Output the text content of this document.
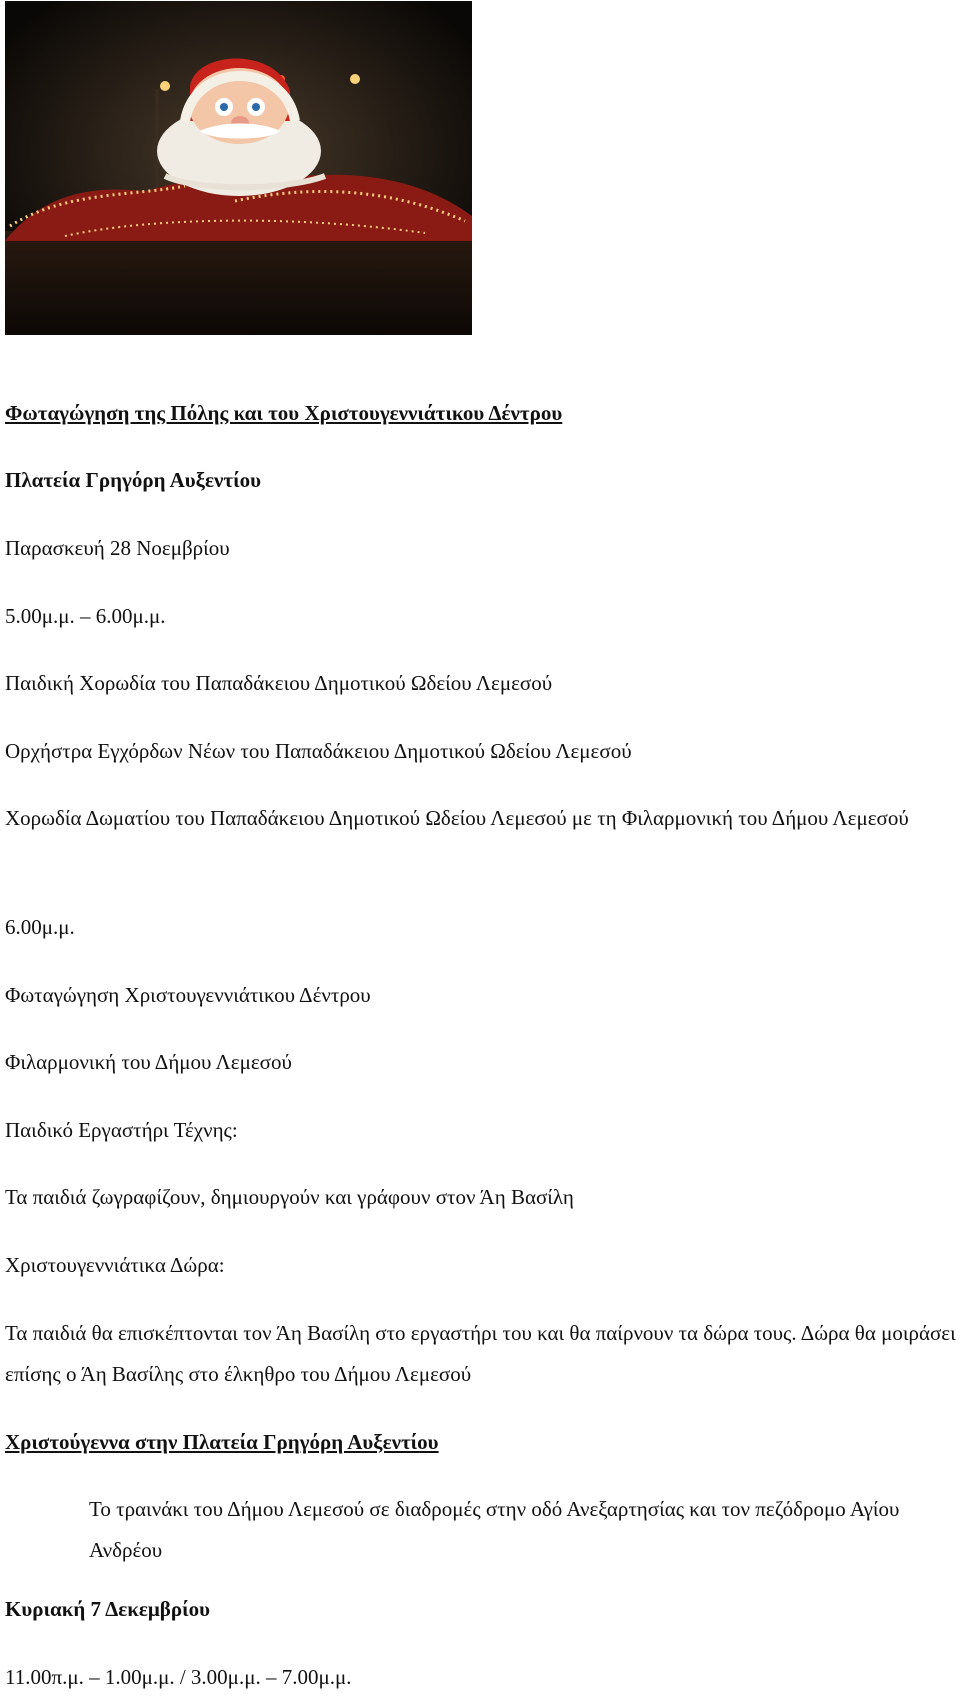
Φωταγώγηση της Πόλης και του Χριστουγεννιάτικου Δέντρου
Πλατεία Γρηγόρη Αυξεντίου
Παρασκευή 28 Νοεμβρίου
5.00μ.μ. – 6.00μ.μ.
Παιδική Χορωδία του Παπαδάκειου Δημοτικού Ωδείου Λεμεσού
Ορχήστρα Εγχόρδων Νέων του Παπαδάκειου Δημοτικού Ωδείου Λεμεσού
Χορωδία Δωματίου του Παπαδάκειου Δημοτικού Ωδείου Λεμεσού με τη Φιλαρμονική του Δήμου Λεμεσού
6.00μ.μ.
Φωταγώγηση Χριστουγεννιάτικου Δέντρου
Φιλαρμονική του Δήμου Λεμεσού
Παιδικό Εργαστήρι Τέχνης:
Τα παιδιά ζωγραφίζουν, δημιουργούν και γράφουν στον Άη Βασίλη
Χριστουγεννιάτικα Δώρα:
Τα παιδιά θα επισκέπτονται τον Άη Βασίλη στο εργαστήρι του και θα παίρνουν τα δώρα τους. Δώρα θα μοιράσει επίσης ο Άη Βασίλης στο έλκηθρο του Δήμου Λεμεσού
Χριστούγεννα στην Πλατεία Γρηγόρη Αυξεντίου
Το τραινάκι του Δήμου Λεμεσού σε διαδρομές στην οδό Ανεξαρτησίας και τον πεζόδρομο Αγίου Ανδρέου
Κυριακή 7 Δεκεμβρίου
11.00π.μ. – 1.00μ.μ. / 3.00μ.μ. – 7.00μ.μ.
